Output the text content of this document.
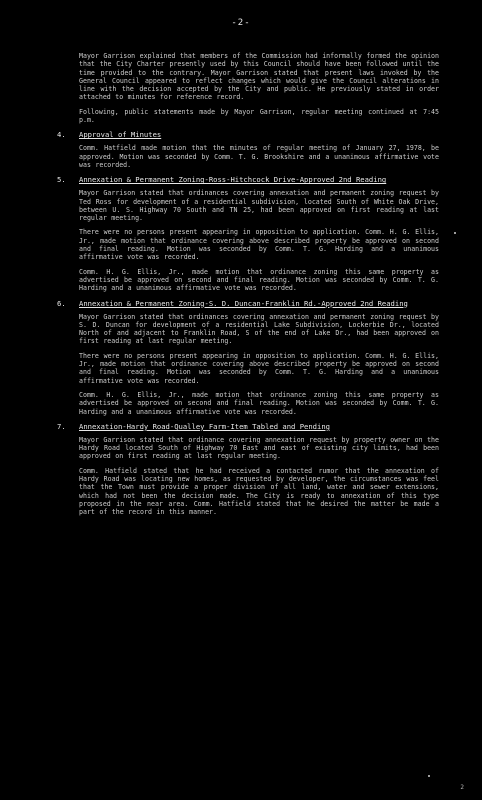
-2-

Mayor Garrison explained that members of the Commission had informally formed the opinion that the City Charter presently used by this Council should have been followed until the time provided to the contrary. Mayor Garrison stated that present laws invoked by the General Council appeared to reflect changes which would give the Council alterations in line with the decision accepted by the City and public. He previously stated in order attached to minutes for reference record.

Following, public statements made by Mayor Garrison, regular meeting continued at 7:45 p.m.

4. Approval of Minutes

Comm. Hatfield made motion that the minutes of regular meeting of January 27, 1978, be approved. Motion was seconded by Comm. T. G. Brookshire and a unanimous affirmative vote was recorded.

5. Annexation & Permanent Zoning-Ross-Hitchcock Drive-Approved 2nd Reading

Mayor Garrison stated that ordinances covering annexation and permanent zoning request by Ted Ross for development of a residential subdivision, located South of White Oak Drive, between U. S. Highway 70 South and TN 25, had been approved on first reading at last regular meeting.

There were no persons present appearing in opposition to application. Comm. H. G. Ellis, Jr., made motion that ordinance covering above described property be approved on second and final reading. Motion was seconded by Comm. T. G. Harding and a unanimous affirmative vote was recorded.

Comm. H. G. Ellis, Jr., made motion that ordinance zoning this same property as advertised be approved on second and final reading. Motion was seconded by Comm. T. G. Harding and a unanimous affirmative vote was recorded.

6. Annexation & Permanent Zoning-S. D. Duncan-Franklin Rd.-Approved 2nd Reading

Mayor Garrison stated that ordinances covering annexation and permanent zoning request by S. D. Duncan for development of a residential Lake Subdivision, Lockerbie Dr., located North of and adjacent to Franklin Road, S of the end of Lake Dr., had been approved on first reading at last regular meeting.

There were no persons present appearing in opposition to application. Comm. H. G. Ellis, Jr., made motion that ordinance covering above described property be approved on second and final reading. Motion was seconded by Comm. T. G. Harding and a unanimous affirmative vote was recorded.

Comm. H. G. Ellis, Jr., made motion that ordinance zoning this same property as advertised be approved on second and final reading. Motion was seconded by Comm. T. G. Harding and a unanimous affirmative vote was recorded.

7. Annexation-Hardy Road-Qualley Farm-Item Tabled and Pending

Mayor Garrison stated that ordinance covering annexation request by property owner on the Hardy Road located South of Highway 70 East and east of existing city limits, had been approved on first reading at last regular meeting.

Comm. Hatfield stated that he had received a contacted rumor that the annexation of Hardy Road was locating new homes, as requested by developer, the circumstances was feel that the Town must provide a proper division of all land, water and sewer extensions, which had not been the decision made. The City is ready to annexation of this type proposed in the near area. Comm. Hatfield stated that he desired the matter be made a part of the record in this manner.

2
